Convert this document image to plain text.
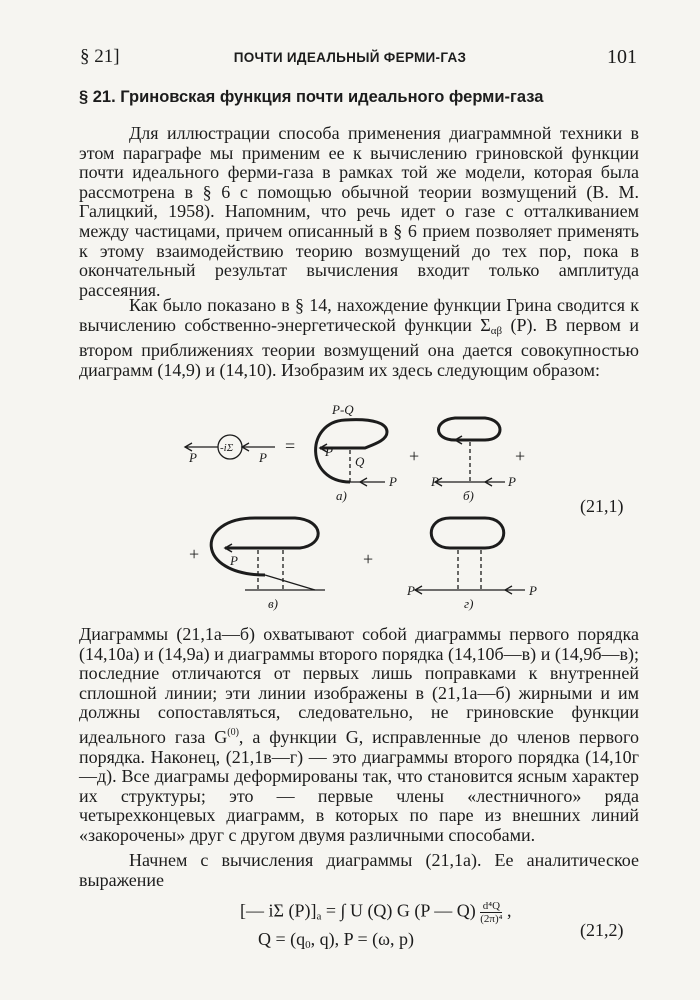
§ 21]	ПОЧТИ ИДЕАЛЬНЫЙ ФЕРМИ-ГАЗ	101
§ 21. Гриновская функция почти идеального ферми-газа

Для иллюстрации способа применения диаграммной техники в этом параграфе мы применим ее к вычислению гриновской функции почти идеального ферми-газа в рамках той же модели, которая была рассмотрена в § 6 с помощью обычной теории возмущений (В. М. Галицкий, 1958). Напомним, что речь идет о газе с отталкиванием между частицами, причем описанный в § 6 прием позволяет применять к этому взаимодействию теорию возмущений до тех пор, пока в окончательный результат вычисления входит только амплитуда рассеяния.

Как было показано в § 14, нахождение функции Грина сводится к вычислению собственно-энергетической функции $\Sigma_{\alpha\beta}$ (P). В первом и втором приближениях теории возмущений она дается совокупностью диаграмм (14,9) и (14,10). Изобразим их здесь следующим образом:

-iΣ
P	P
=
P-Q
P
Q
P
а)
+
P	P
б)
+
+ P
в)
+
P	P
г)
(21,1)

Диаграммы (21,1а—б) охватывают собой диаграммы первого порядка (14,10а) и (14,9а) и диаграммы второго порядка (14,10б—в) и (14,9б—в); последние отличаются от первых лишь поправками к внутренней сплошной линии; эти линии изображены в (21,1а—б) жирными и им должны сопоставляться, следовательно, не гриновские функции идеального газа $G^{(0)}$, а функции G, исправленные до членов первого порядка. Наконец, (21,1в—г) — это диаграммы второго порядка (14,10г—д). Все диаграмы деформированы так, что становится ясным характер их структуры; это — первые члены «лестничного» ряда четырехконцевых диаграмм, в которых по паре из внешних линий «закорочены» друг с другом двумя различными способами.

Начнем с вычисления диаграммы (21,1а). Ее аналитическое выражение

[— iΣ $(P)]_а$ = ∫ U (Q) G (P — $Q) \frac{\text{d⁴Q}}{\text{(2π)⁴}}$ ,
$Q = (q_0$, q), P = (ω, p)	(21,2)
